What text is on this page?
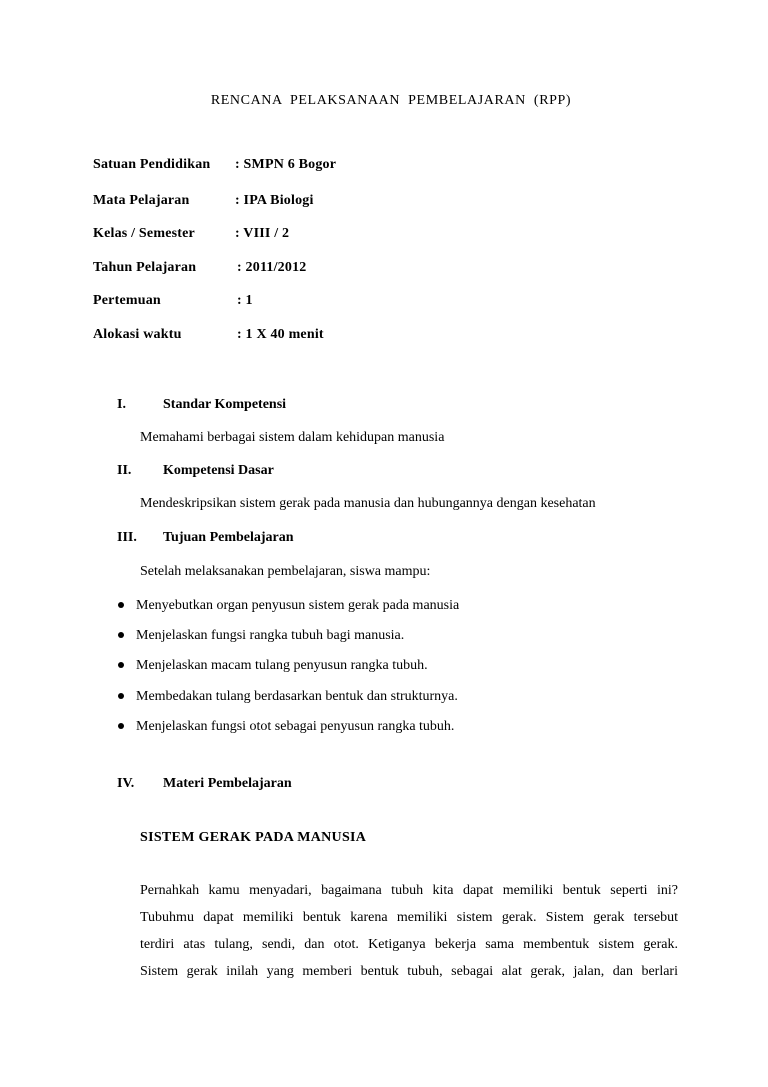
RENCANA PELAKSANAAN PEMBELAJARAN (RPP)
Satuan Pendidikan : SMPN 6 Bogor
Mata Pelajaran	: IPA Biologi
Kelas / Semester	: VIII / 2
Tahun Pelajaran	: 2011/2012
Pertemuan	: 1
Alokasi waktu	: 1 X 40 menit
I.	Standar Kompetensi
Memahami berbagai sistem dalam kehidupan manusia
II. Kompetensi Dasar
Mendeskripsikan sistem gerak pada manusia dan hubungannya dengan kesehatan
III. Tujuan Pembelajaran
Setelah melaksanakan pembelajaran, siswa mampu:
Menyebutkan organ penyusun sistem gerak pada manusia
Menjelaskan fungsi rangka tubuh bagi manusia.
Menjelaskan macam tulang penyusun rangka tubuh.
Membedakan tulang berdasarkan bentuk dan strukturnya.
Menjelaskan fungsi otot sebagai penyusun rangka tubuh.
IV. Materi Pembelajaran
SISTEM GERAK PADA MANUSIA
Pernahkah kamu menyadari, bagaimana tubuh kita dapat memiliki bentuk seperti ini?
Tubuhmu dapat memiliki bentuk karena memiliki sistem gerak. Sistem gerak tersebut
terdiri atas tulang, sendi, dan otot. Ketiganya bekerja sama membentuk sistem gerak.
Sistem gerak inilah yang memberi bentuk tubuh, sebagai alat gerak, jalan, dan berlari
